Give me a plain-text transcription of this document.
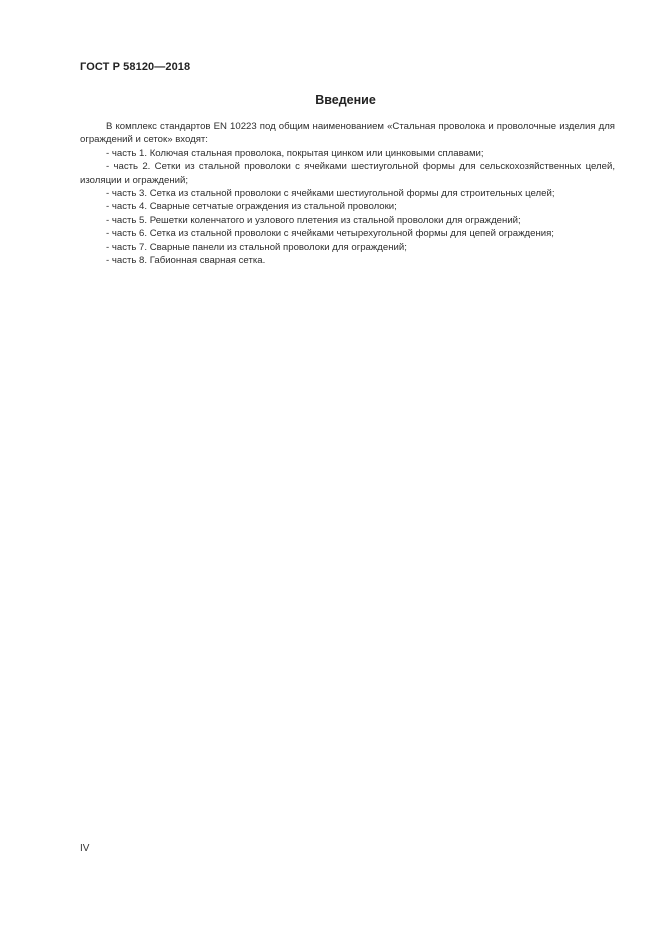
ГОСТ Р 58120—2018
Введение

В комплекс стандартов EN 10223 под общим наименованием «Стальная проволока и проволочные изделия для ограждений и сеток» входят:

- часть 1. Колючая стальная проволока, покрытая цинком или цинковыми сплавами;

- часть 2. Сетки из стальной проволоки с ячейками шестиугольной формы для сельскохозяйственных целей, изоляции и ограждений;

- часть 3. Сетка из стальной проволоки с ячейками шестиугольной формы для строительных целей;

- часть 4. Сварные сетчатые ограждения из стальной проволоки;

- часть 5. Решетки коленчатого и узлового плетения из стальной проволоки для ограждений;

- часть 6. Сетка из стальной проволоки с ячейками четырехугольной формы для цепей ограждения;

- часть 7. Сварные панели из стальной проволоки для ограждений;

- часть 8. Габионная сварная сетка.

IV
